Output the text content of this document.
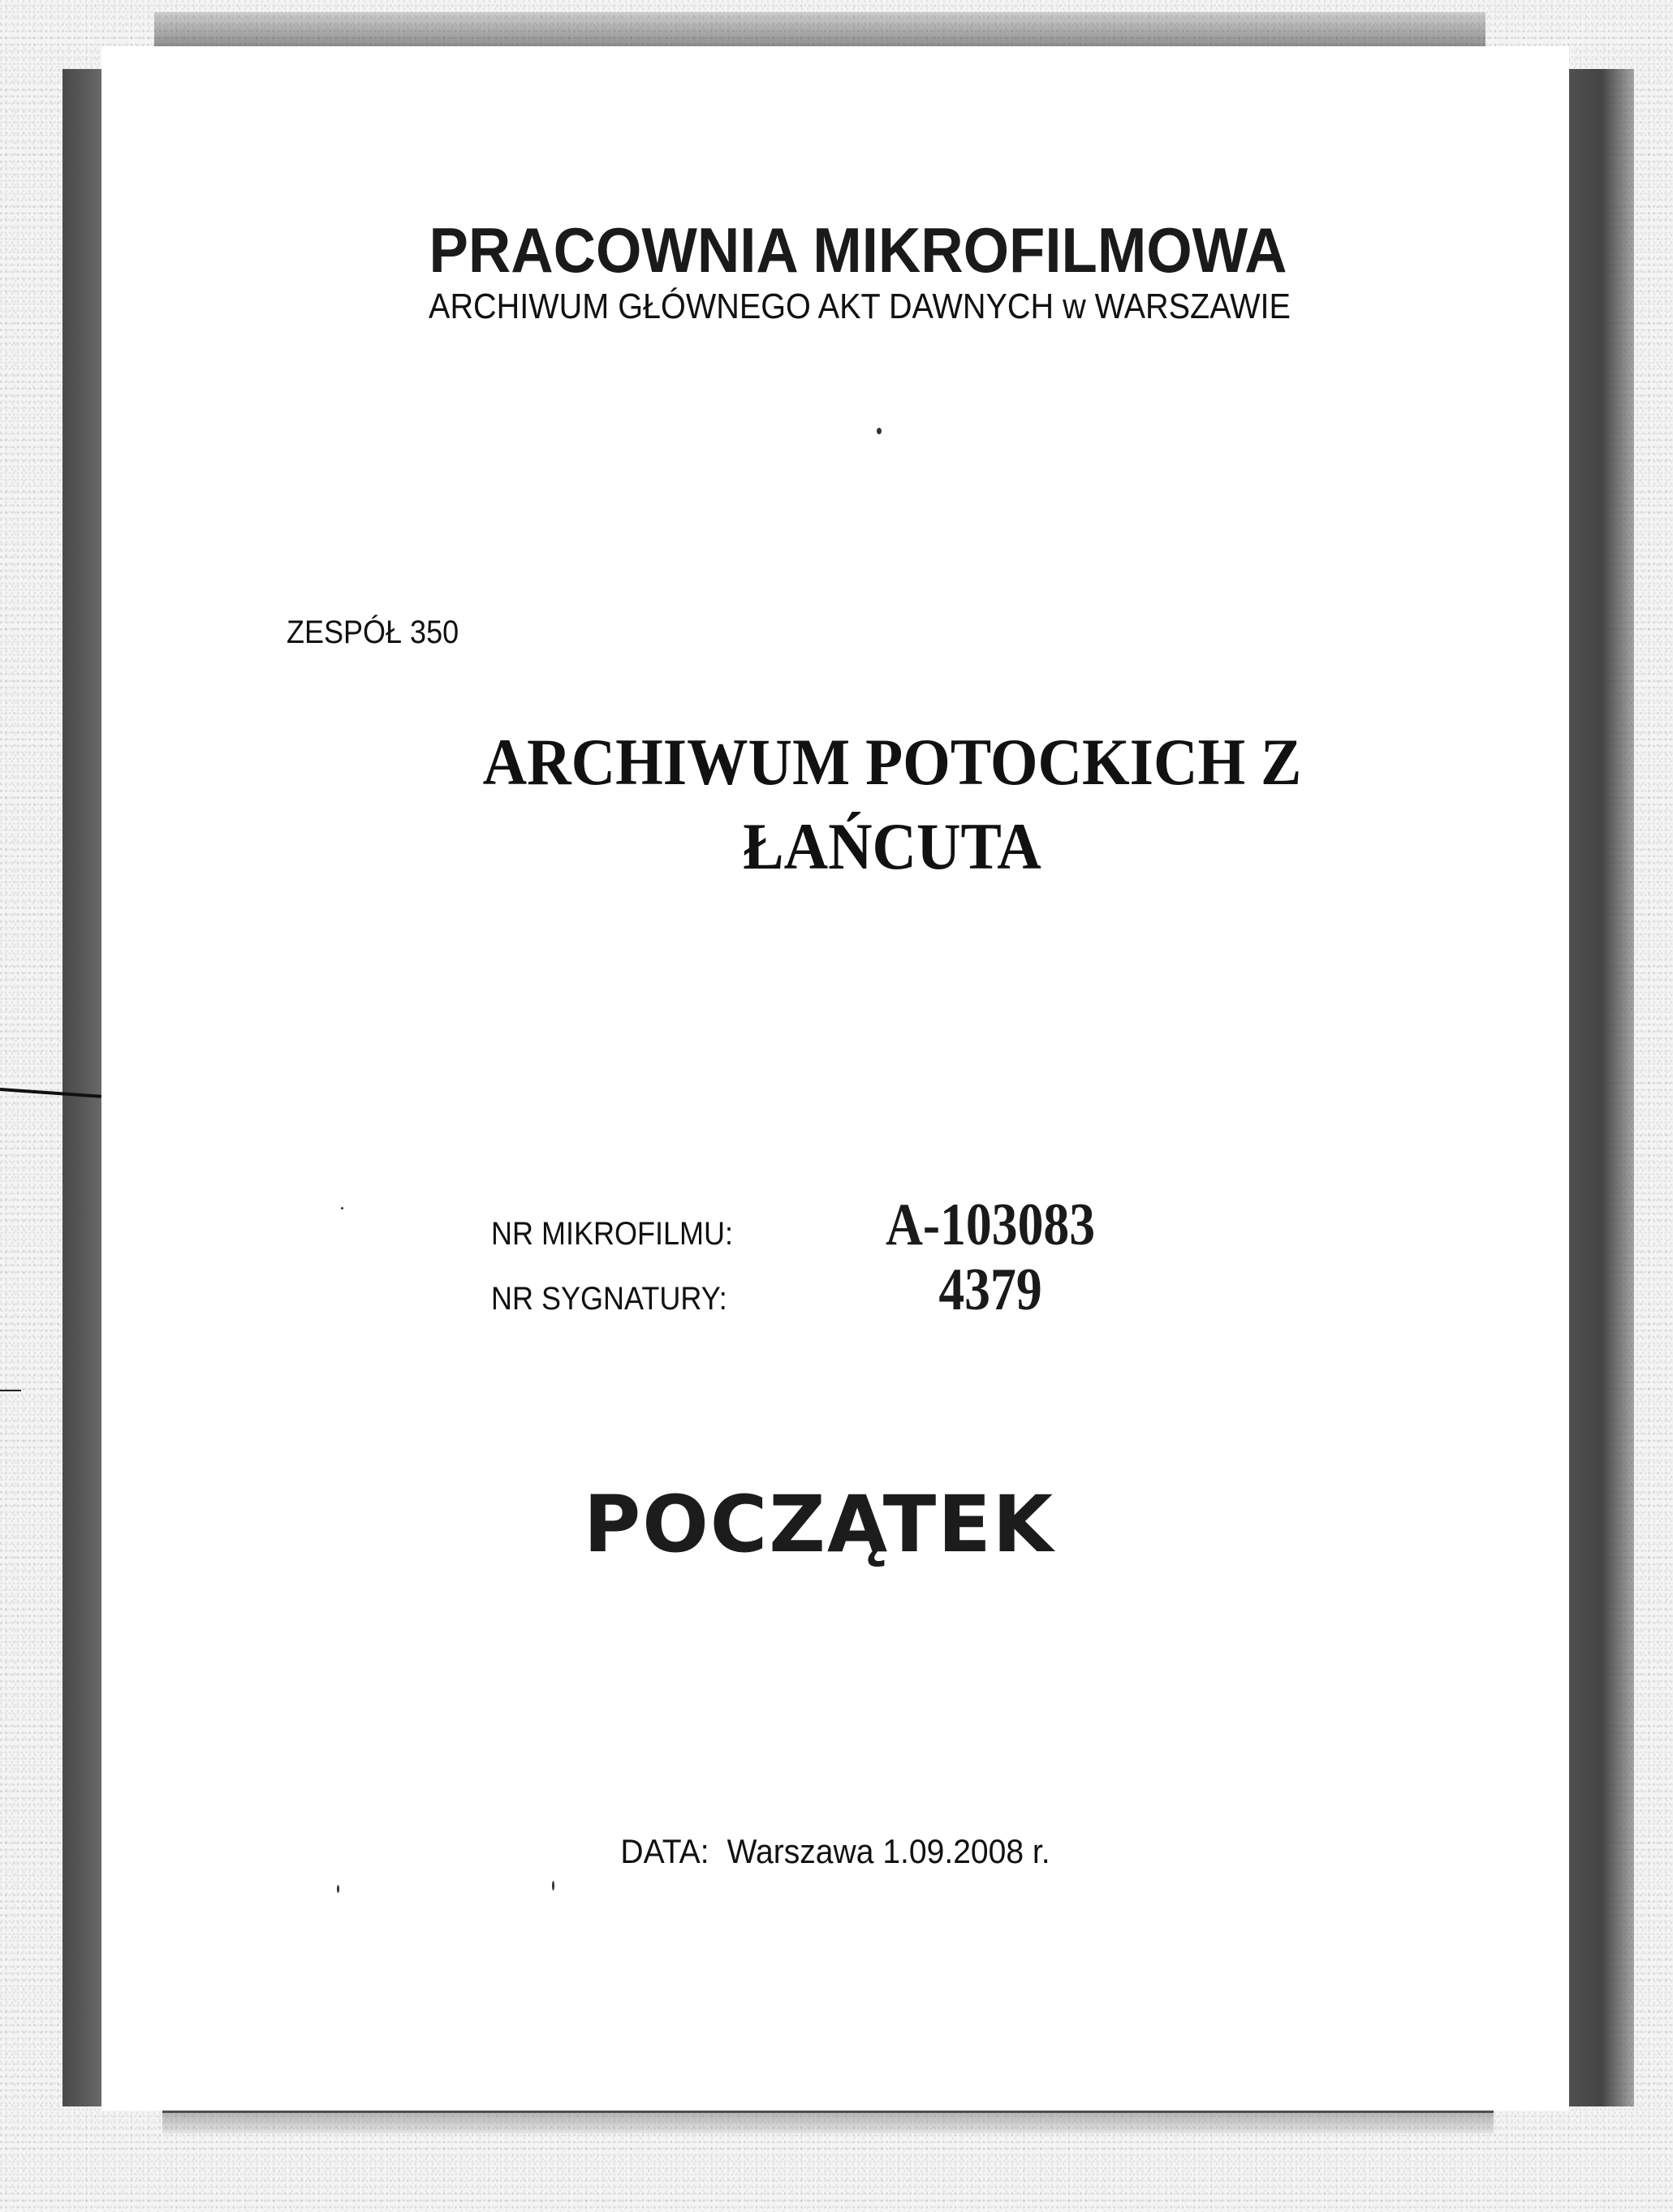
PRACOWNIA MIKROFILMOWA
ARCHIWUM GŁÓWNEGO AKT DAWNYCH w WARSZAWIE
ZESPÓŁ 350
ARCHIWUM POTOCKICH Z
ŁAŃCUTA
NR MIKROFILMU:	A-103083
NR SYGNATURY:	4379
POCZĄTEK
DATA: Warszawa 1.09.2008 r.
